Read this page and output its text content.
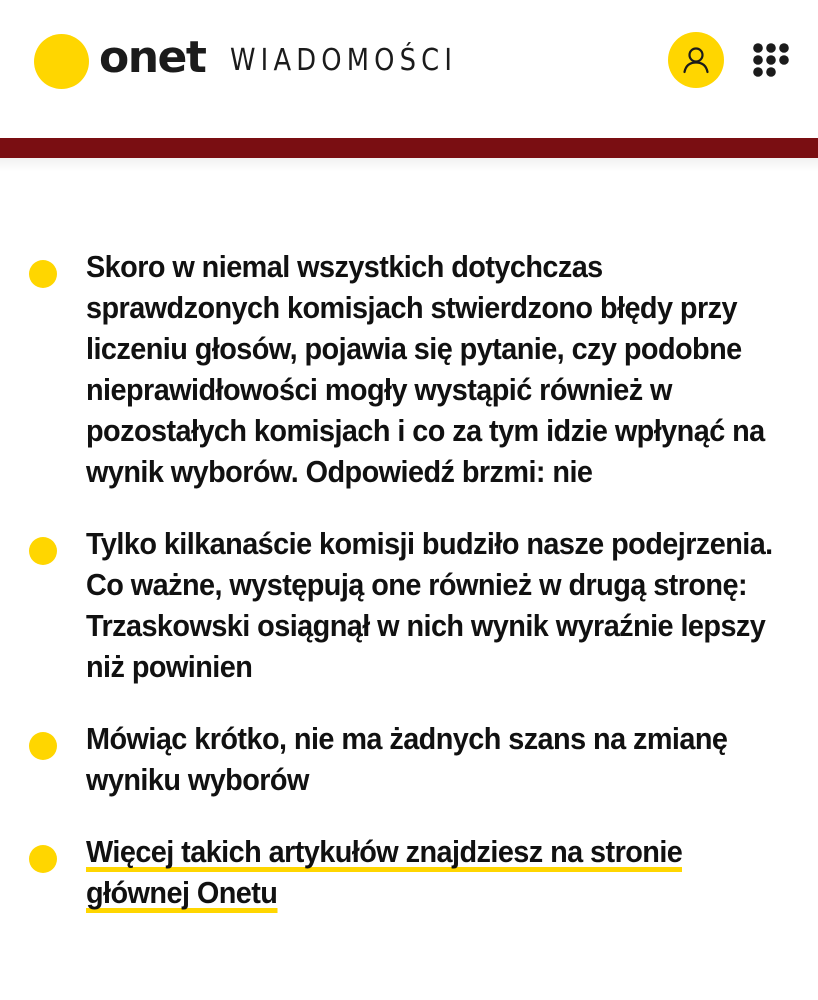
onet WIADOMOŚCI
Skoro w niemal wszystkich dotychczas sprawdzonych komisjach stwierdzono błędy przy liczeniu głosów, pojawia się pytanie, czy podobne nieprawidłowości mogły wystąpić również w pozostałych komisjach i co za tym idzie wpłynąć na wynik wyborów. Odpowiedź brzmi: nie
Tylko kilkanaście komisji budziło nasze podejrzenia. Co ważne, występują one również w drugą stronę: Trzaskowski osiągnął w nich wynik wyraźnie lepszy niż powinien
Mówiąc krótko, nie ma żadnych szans na zmianę wyniku wyborów
Więcej takich artykułów znajdziesz na stronie głównej Onetu
